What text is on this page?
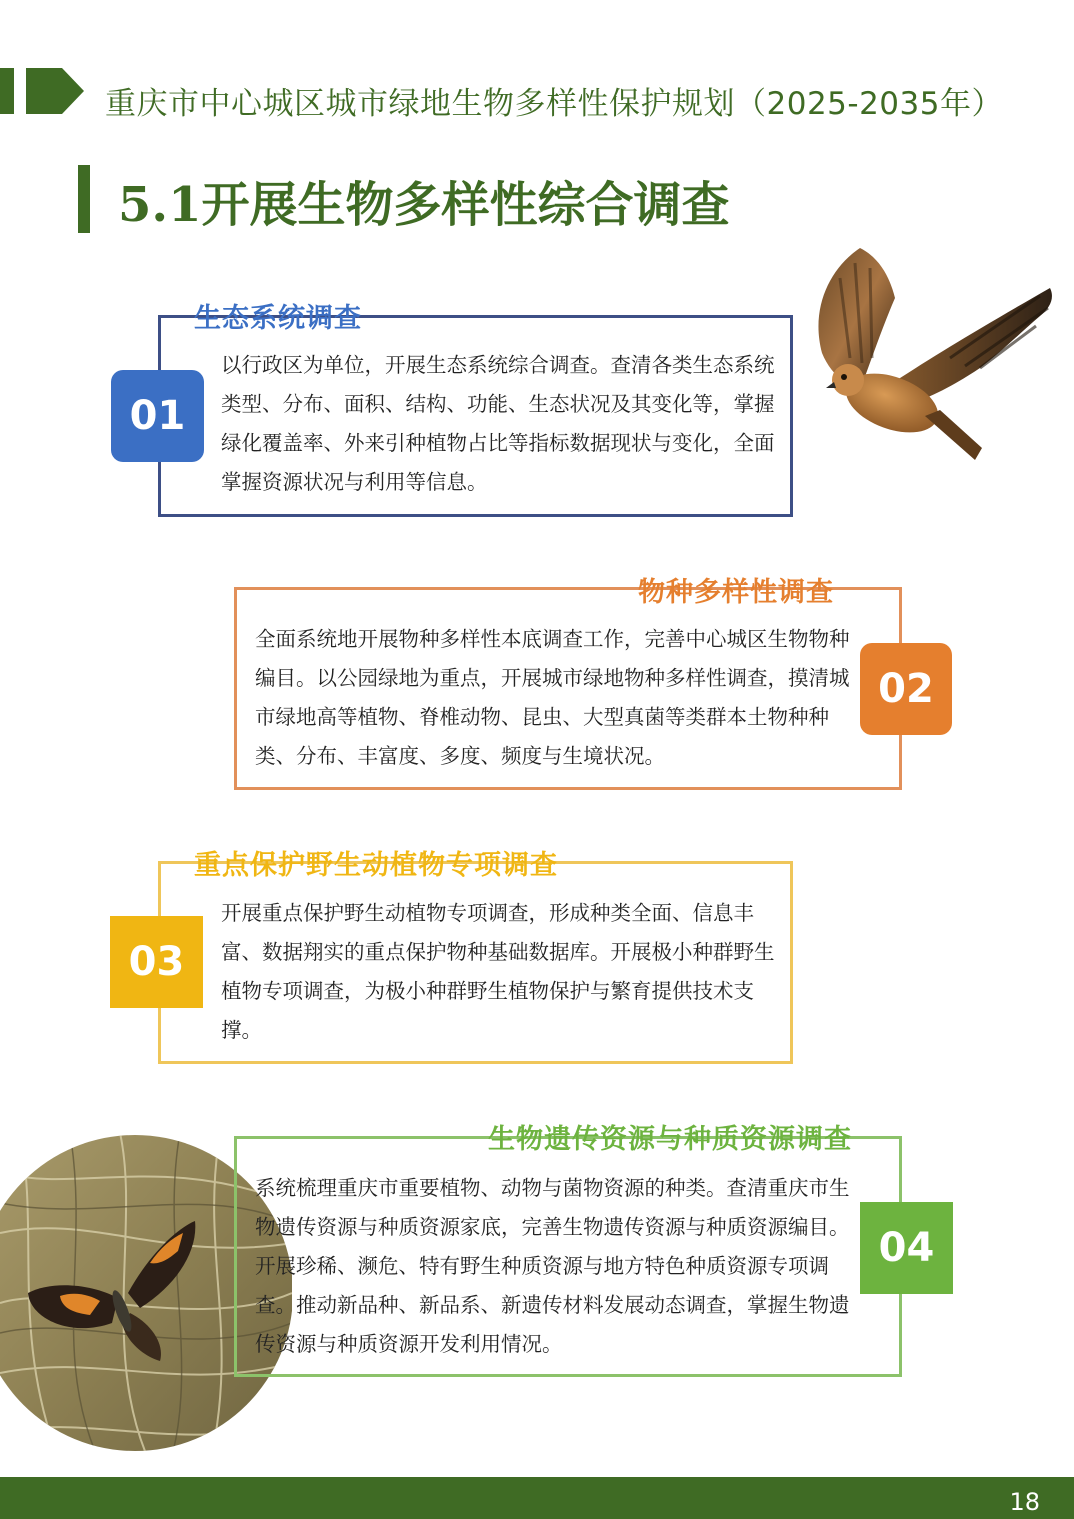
重庆市中心城区城市绿地生物多样性保护规划（2025-2035年）
5.1开展生物多样性综合调查

以行政区为单位，开展生态系统综合调查。查清各类生态系统类型、分布、面积、结构、功能、生态状况及其变化等，掌握绿化覆盖率、外来引种植物占比等指标数据现状与变化，全面掌握资源状况与利用等信息。

生态系统调查
01

全面系统地开展物种多样性本底调查工作，完善中心城区生物物种编目。以公园绿地为重点，开展城市绿地物种多样性调查，摸清城市绿地高等植物、脊椎动物、昆虫、大型真菌等类群本土物种种类、分布、丰富度、多度、频度与生境状况。

物种多样性调查
02

开展重点保护野生动植物专项调查，形成种类全面、信息丰富、数据翔实的重点保护物种基础数据库。开展极小种群野生植物专项调查，为极小种群野生植物保护与繁育提供技术支撑。

重点保护野生动植物专项调查
03

系统梳理重庆市重要植物、动物与菌物资源的种类。查清重庆市生物遗传资源与种质资源家底，完善生物遗传资源与种质资源编目。开展珍稀、濒危、特有野生种质资源与地方特色种质资源专项调查。推动新品种、新品系、新遗传材料发展动态调查，掌握生物遗传资源与种质资源开发利用情况。

生物遗传资源与种质资源调查
04
18
